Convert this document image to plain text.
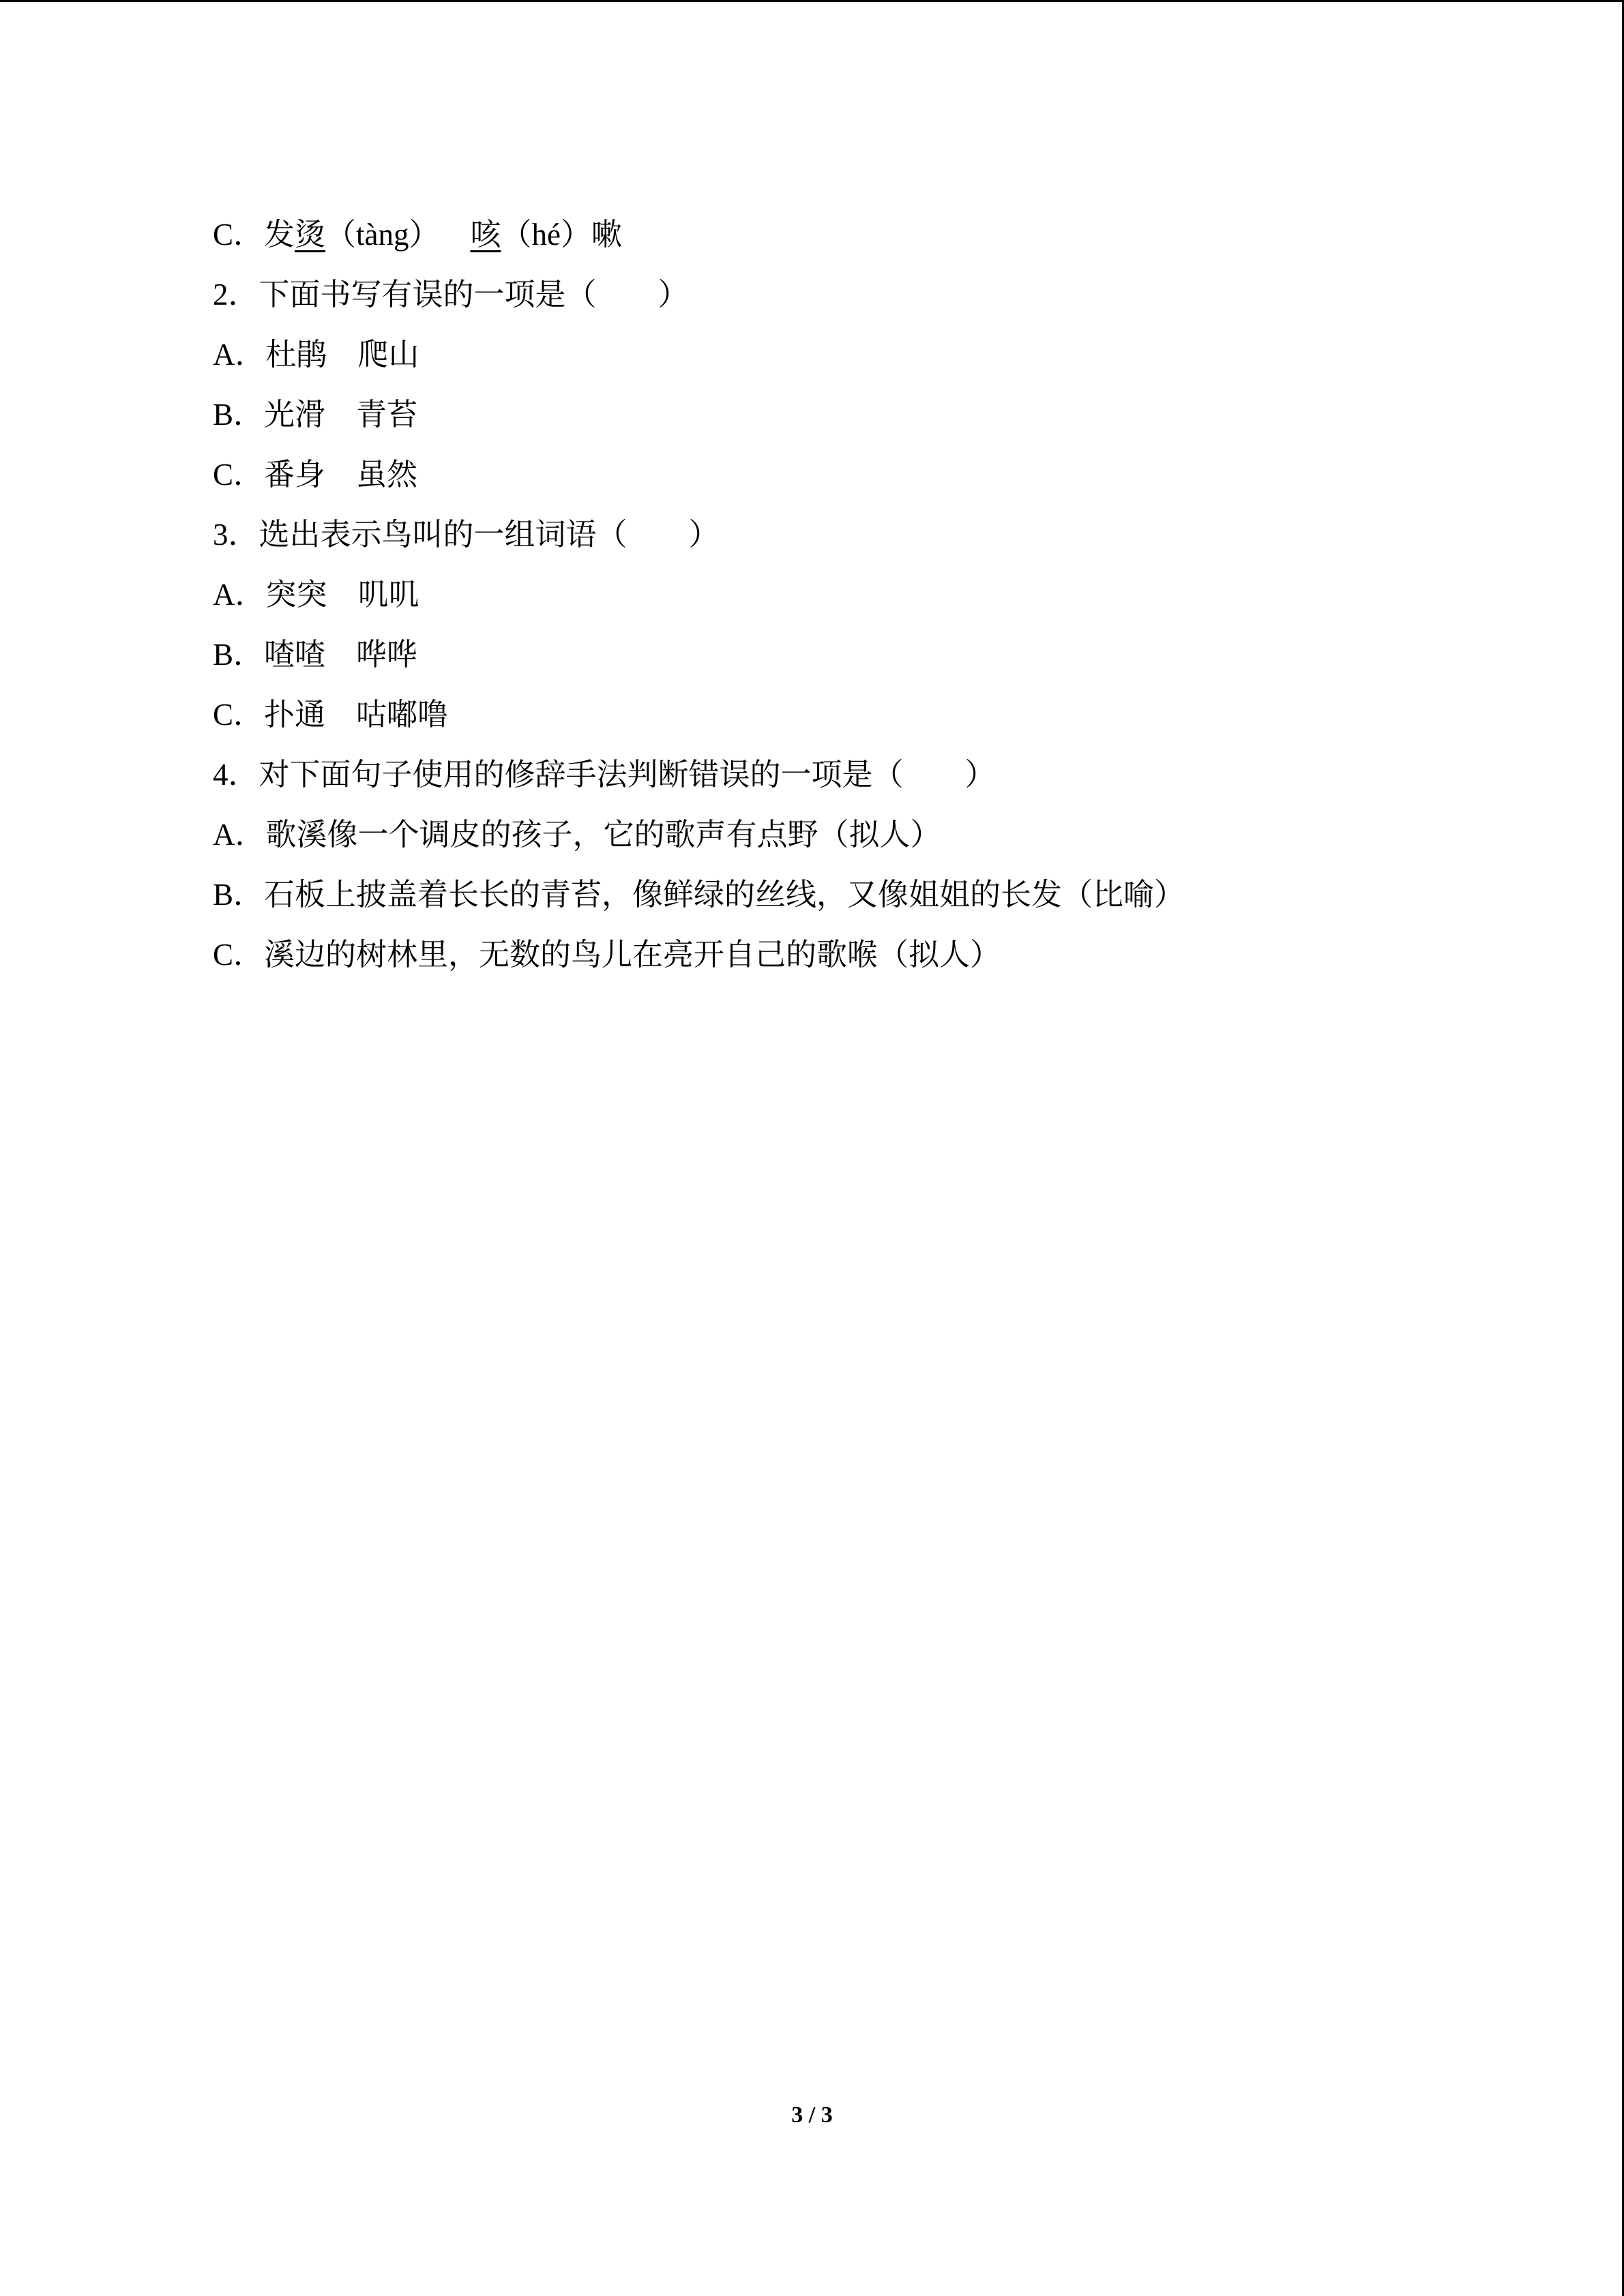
C．发烫（tàng）    咳（hé）嗽
2．下面书写有误的一项是（        ）
A．杜鹃    爬山
B．光滑    青苔
C．番身    虽然
3．选出表示鸟叫的一组词语（        ）
A．突突    叽叽
B．喳喳    哗哗
C．扑通    咕嘟噜
4．对下面句子使用的修辞手法判断错误的一项是（        ）
A．歌溪像一个调皮的孩子，它的歌声有点野（拟人）
B．石板上披盖着长长的青苔，像鲜绿的丝线，又像姐姐的长发（比喻）
C．溪边的树林里，无数的鸟儿在亮开自己的歌喉（拟人）
3 / 3
